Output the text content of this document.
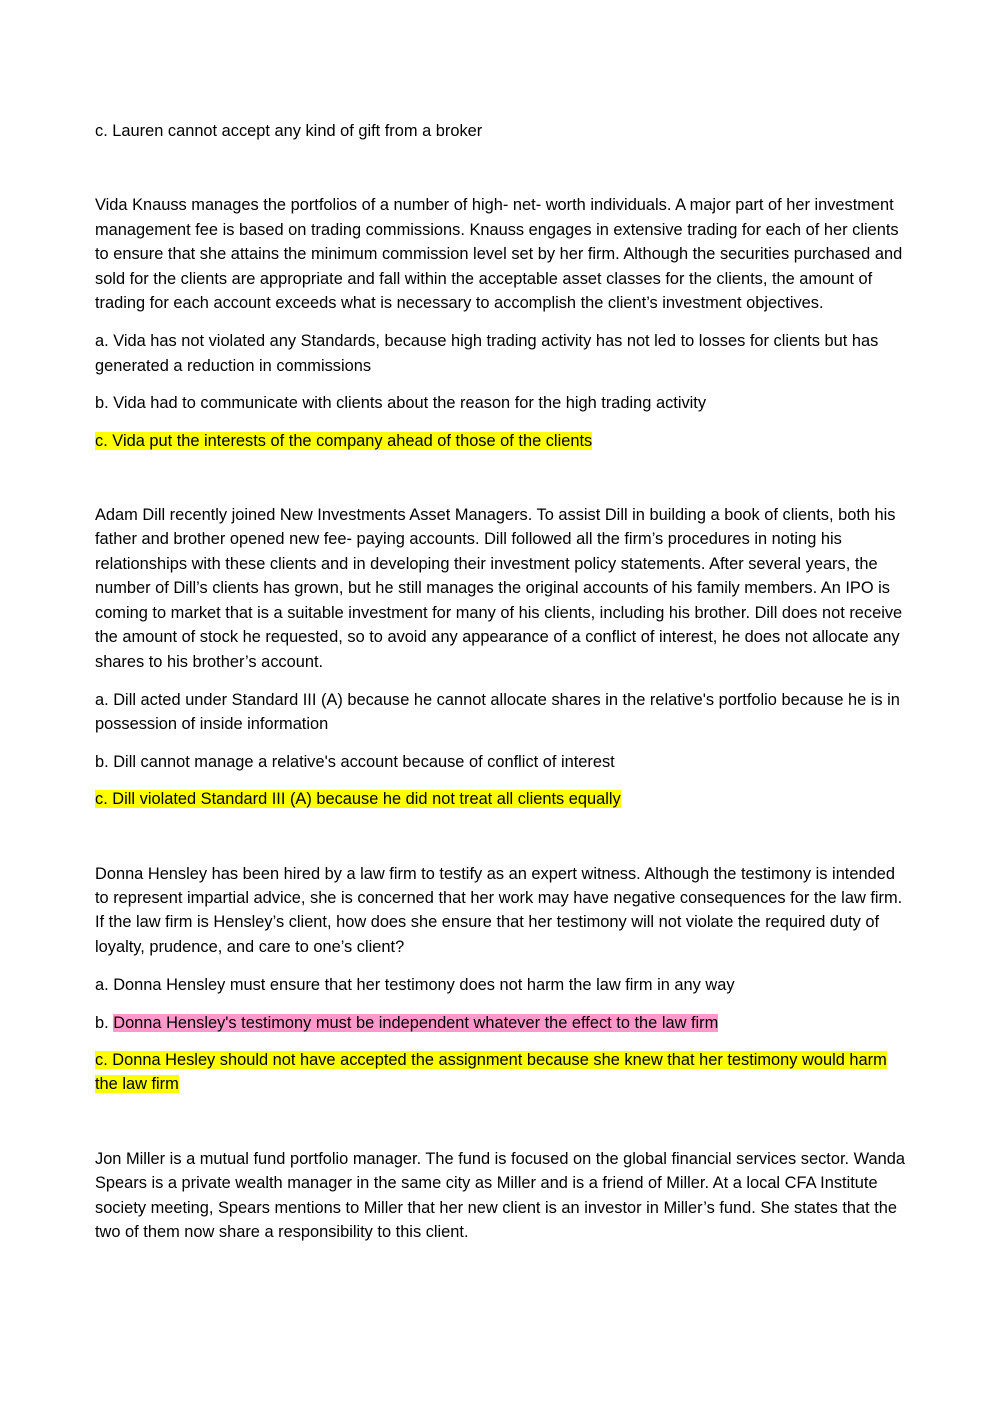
c. Lauren cannot accept any kind of gift from a broker

Vida Knauss manages the portfolios of a number of high- net- worth individuals. A major part of her investment management fee is based on trading commissions. Knauss engages in extensive trading for each of her clients to ensure that she attains the minimum commission level set by her firm. Although the securities purchased and sold for the clients are appropriate and fall within the acceptable asset classes for the clients, the amount of trading for each account exceeds what is necessary to accomplish the client’s investment objectives.

a. Vida has not violated any Standards, because high trading activity has not led to losses for clients but has generated a reduction in commissions

b. Vida had to communicate with clients about the reason for the high trading activity

c. Vida put the interests of the company ahead of those of the clients

Adam Dill recently joined New Investments Asset Managers. To assist Dill in building a book of clients, both his father and brother opened new fee- paying accounts. Dill followed all the firm’s procedures in noting his relationships with these clients and in developing their investment policy statements. After several years, the number of Dill’s clients has grown, but he still manages the original accounts of his family members. An IPO is coming to market that is a suitable investment for many of his clients, including his brother. Dill does not receive the amount of stock he requested, so to avoid any appearance of a conflict of interest, he does not allocate any shares to his brother’s account.

a. Dill acted under Standard III (A) because he cannot allocate shares in the relative's portfolio because he is in possession of inside information

b. Dill cannot manage a relative's account because of conflict of interest

c. Dill violated Standard III (A) because he did not treat all clients equally

Donna Hensley has been hired by a law firm to testify as an expert witness. Although the testimony is intended to represent impartial advice, she is concerned that her work may have negative consequences for the law firm. If the law firm is Hensley’s client, how does she ensure that her testimony will not violate the required duty of loyalty, prudence, and care to one’s client?

a. Donna Hensley must ensure that her testimony does not harm the law firm in any way

b. Donna Hensley's testimony must be independent whatever the effect to the law firm

c. Donna Hesley should not have accepted the assignment because she knew that her testimony would harm the law firm

Jon Miller is a mutual fund portfolio manager. The fund is focused on the global financial services sector. Wanda Spears is a private wealth manager in the same city as Miller and is a friend of Miller. At a local CFA Institute society meeting, Spears mentions to Miller that her new client is an investor in Miller’s fund. She states that the two of them now share a responsibility to this client.
